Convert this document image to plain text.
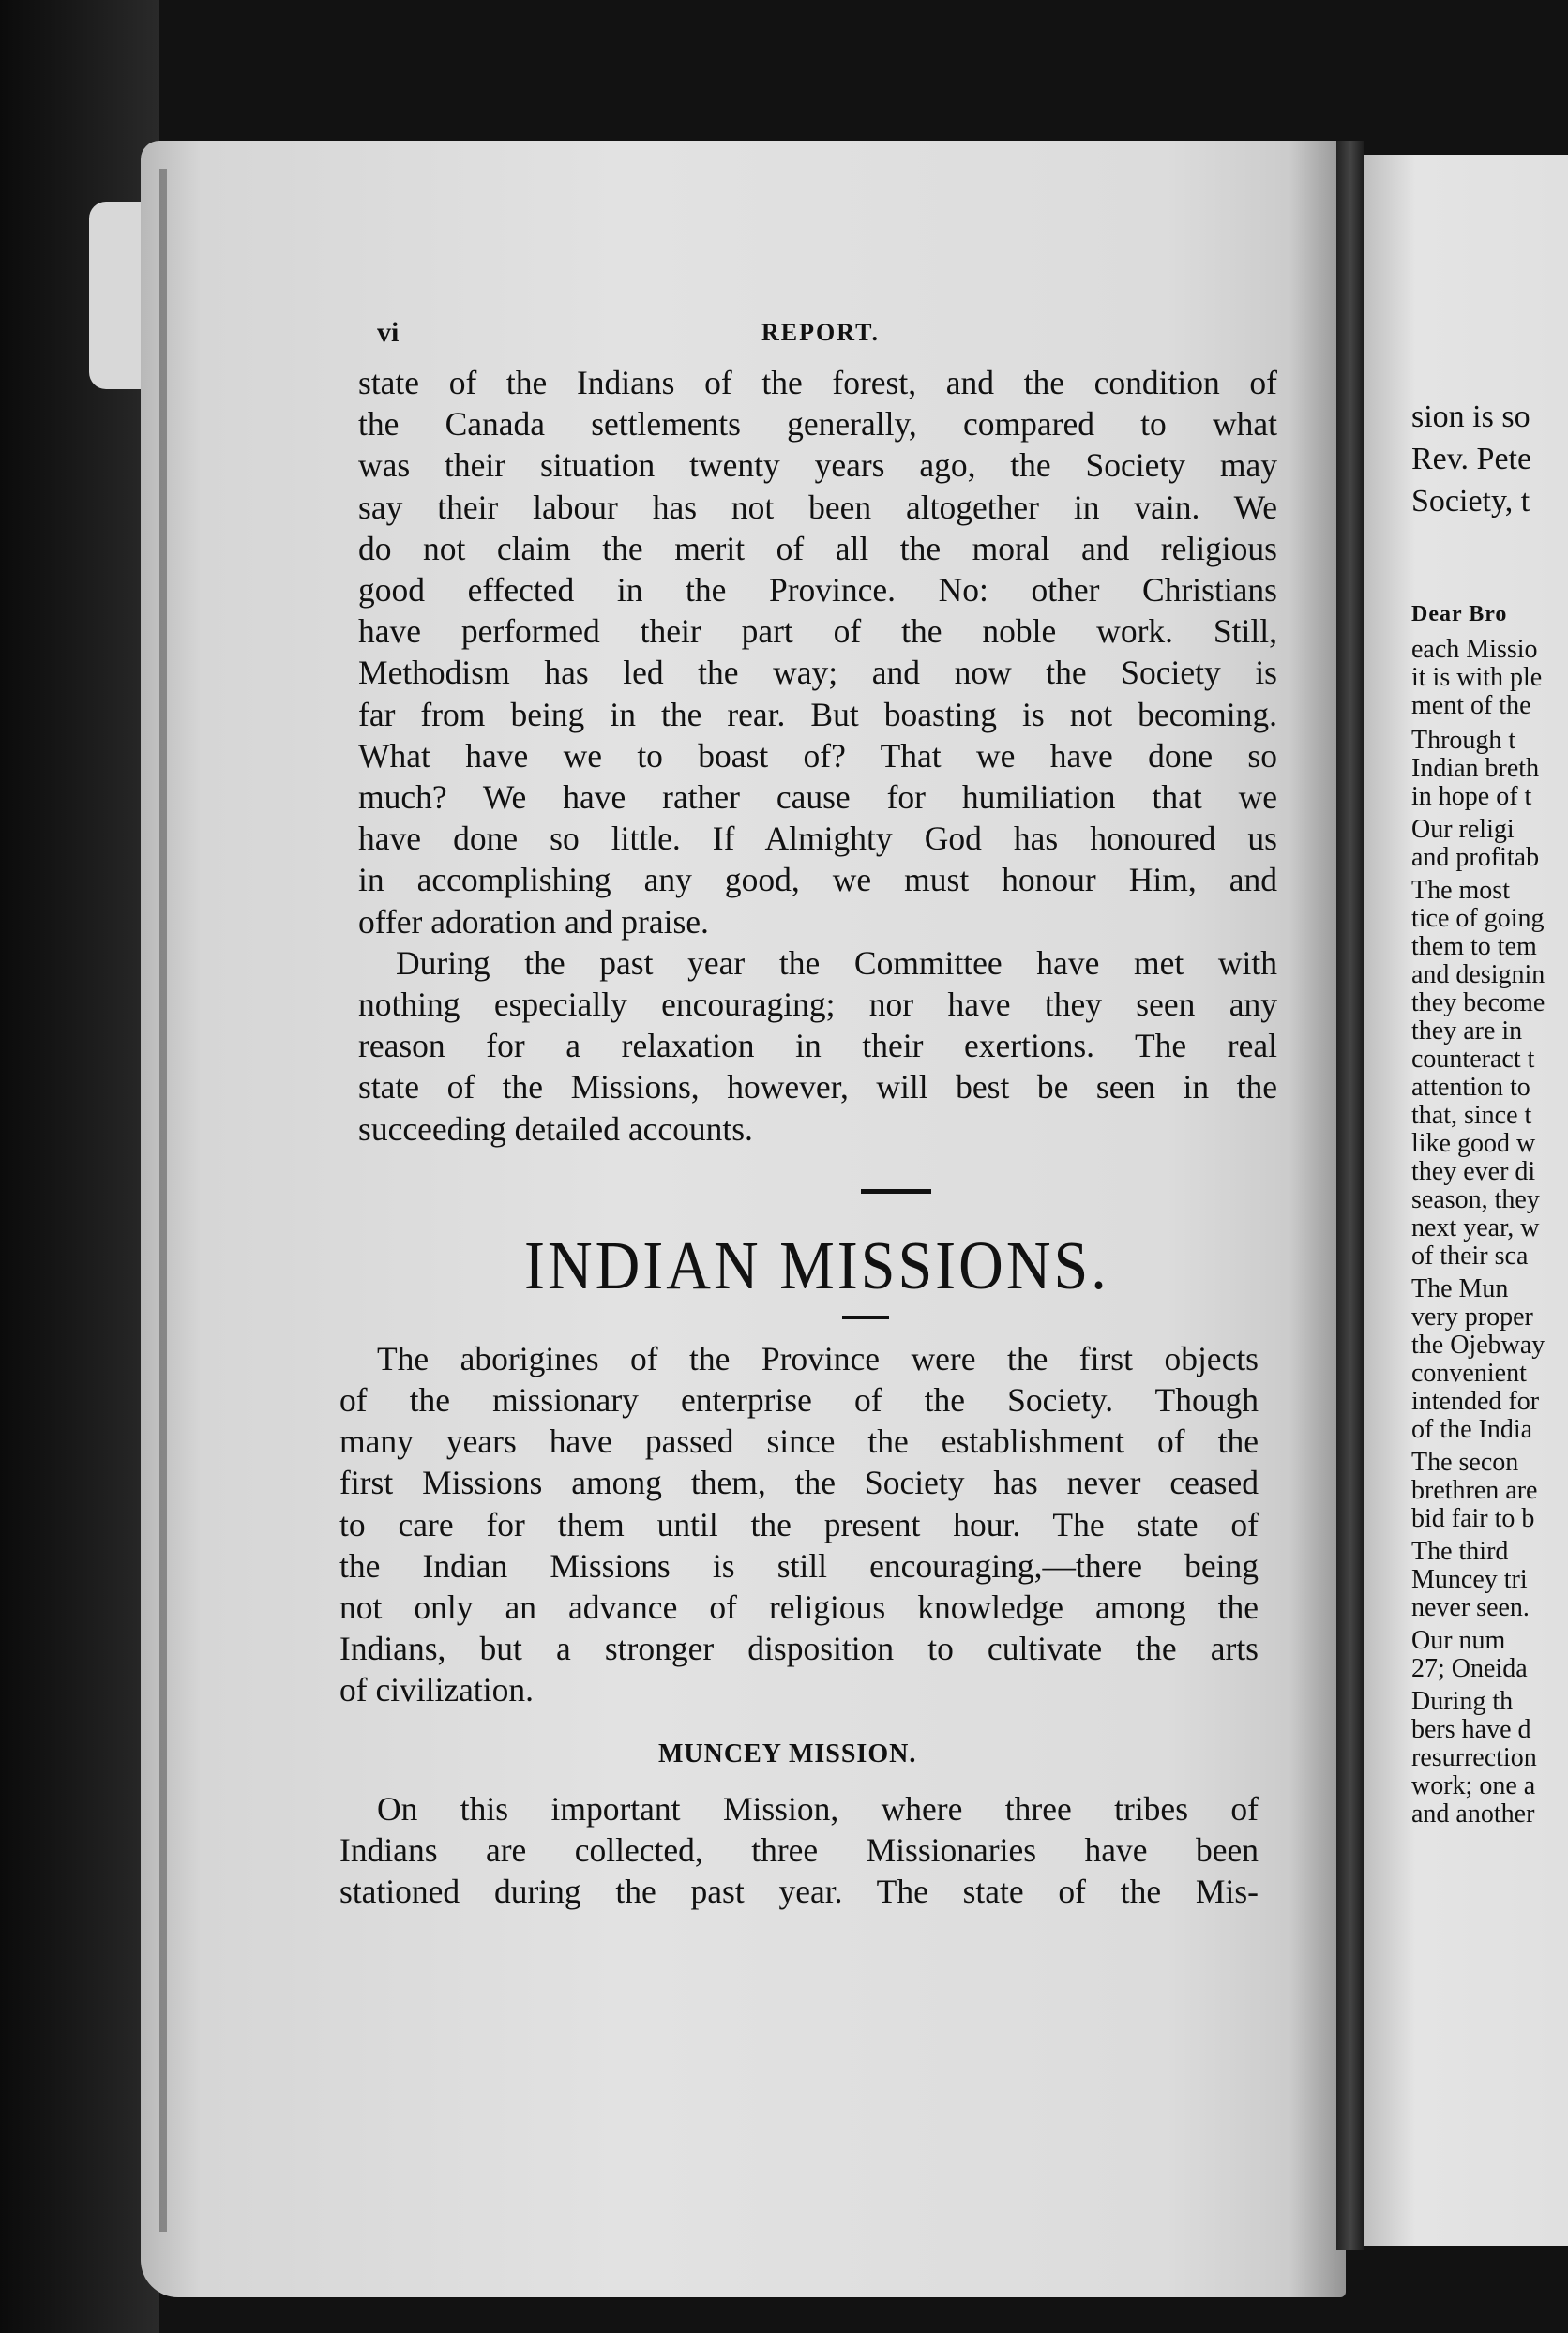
vi	REPORT.
state of the Indians of the forest, and the condition of
the Canada settlements generally, compared to what
was their situation twenty years ago, the Society may
say their labour has not been altogether in vain. We
do not claim the merit of all the moral and religious
good effected in the Province. No: other Christians
have performed their part of the noble work. Still,
Methodism has led the way; and now the Society is
far from being in the rear. But boasting is not becoming.
What have we to boast of? That we have done so
much? We have rather cause for humiliation that we
have done so little. If Almighty God has honoured us
in accomplishing any good, we must honour Him, and
offer adoration and praise.
During the past year the Committee have met with
nothing especially encouraging; nor have they seen any
reason for a relaxation in their exertions. The real
state of the Missions, however, will best be seen in the
succeeding detailed accounts.
INDIAN MISSIONS.
The aborigines of the Province were the first objects
of the missionary enterprise of the Society. Though
many years have passed since the establishment of the
first Missions among them, the Society has never ceased
to care for them until the present hour. The state of
the Indian Missions is still encouraging,—there being
not only an advance of religious knowledge among the
Indians, but a stronger disposition to cultivate the arts
of civilization.
MUNCEY MISSION.
On this important Mission, where three tribes of
Indians are collected, three Missionaries have been
stationed during the past year. The state of the Mis-
sion is so
Rev. Pete
Society, t
Dear Bro
each Missio
it is with ple
ment of the
Through t
Indian breth
in hope of t
Our religi
and profitab
The most
tice of going
them to tem
and designin
they become
they are in
counteract t
attention to
that, since t
like good w
they ever di
season, they
next year, w
of their sca
The Mun
very proper
the Ojebway
convenient
intended for
of the India
The secon
brethren are
bid fair to b
The third
Muncey tri
never seen.
Our num
27; Oneida
During th
bers have d
resurrection
work; one a
and another
